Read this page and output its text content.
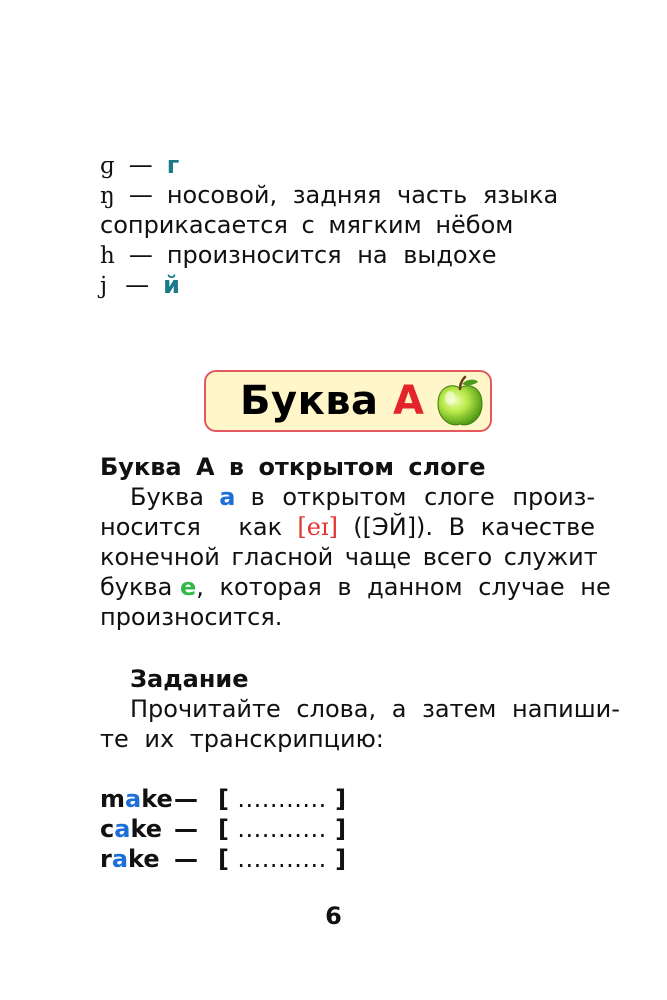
ɡ — г
ŋ — носовой, задняя часть языка
соприкасается с мягким нёбом
h — произносится на выдохе
j — й
Буква A
Буква А в открытом слоге
Буква a в открытом слоге произ-
носится как [eɪ] ([ЭЙ]). В качестве
конечной гласной чаще всего служит
буква e, которая в данном случае не
произносится.
Задание
Прочитайте слова, а затем напиши-
те их транскрипцию:
make— [ ........... ]
cake — [ ........... ]
rake — [ ........... ]
6
